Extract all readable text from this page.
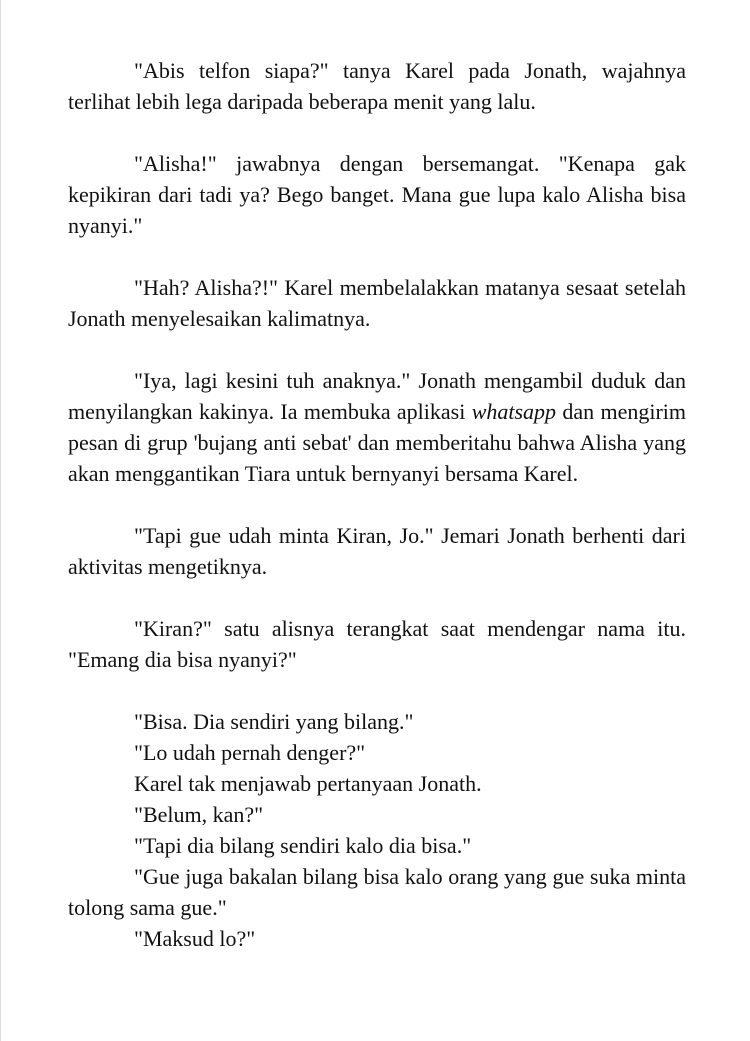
"Abis telfon siapa?" tanya Karel pada Jonath, wajahnya terlihat lebih lega daripada beberapa menit yang lalu.

"Alisha!" jawabnya dengan bersemangat. "Kenapa gak kepikiran dari tadi ya? Bego banget. Mana gue lupa kalo Alisha bisa nyanyi."

"Hah? Alisha?!" Karel membelalakkan matanya sesaat setelah Jonath menyelesaikan kalimatnya.

"Iya, lagi kesini tuh anaknya." Jonath mengambil duduk dan menyilangkan kakinya. Ia membuka aplikasi whatsapp dan mengirim pesan di grup 'bujang anti sebat' dan memberitahu bahwa Alisha yang akan menggantikan Tiara untuk bernyanyi bersama Karel.

"Tapi gue udah minta Kiran, Jo." Jemari Jonath berhenti dari aktivitas mengetiknya.

"Kiran?" satu alisnya terangkat saat mendengar nama itu. "Emang dia bisa nyanyi?"

"Bisa. Dia sendiri yang bilang."

"Lo udah pernah denger?"

Karel tak menjawab pertanyaan Jonath.

"Belum, kan?"

"Tapi dia bilang sendiri kalo dia bisa."

"Gue juga bakalan bilang bisa kalo orang yang gue suka minta tolong sama gue."

"Maksud lo?"
